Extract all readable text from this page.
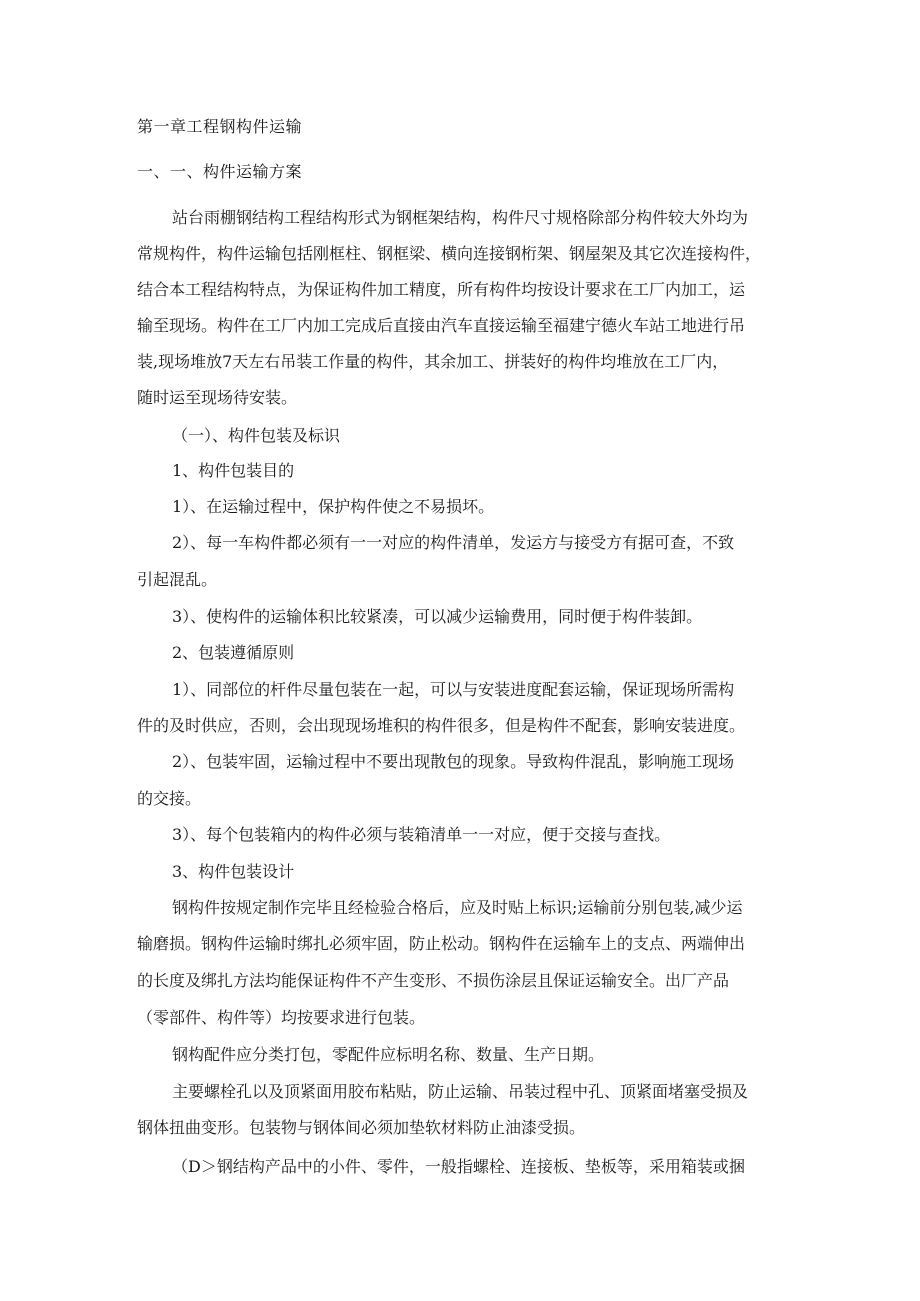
第一章工程钢构件运输
一、一、构件运输方案
站台雨棚钢结构工程结构形式为钢框架结构，构件尺寸规格除部分构件较大外均为
常规构件，构件运输包括刚框柱、钢框梁、横向连接钢桁架、钢屋架及其它次连接构件，
结合本工程结构特点，为保证构件加工精度，所有构件均按设计要求在工厂内加工，运
输至现场。构件在工厂内加工完成后直接由汽车直接运输至福建宁德火车站工地进行吊
装,现场堆放7天左右吊装工作量的构件，其余加工、拼装好的构件均堆放在工厂内，
随时运至现场待安装。
（一）、构件包装及标识
1、构件包装目的
1）、在运输过程中，保护构件使之不易损坏。
2）、每一车构件都必须有一一对应的构件清单，发运方与接受方有据可查，不致
引起混乱。
3）、使构件的运输体积比较紧凑，可以减少运输费用，同时便于构件装卸。
2、包装遵循原则
1）、同部位的杆件尽量包装在一起，可以与安装进度配套运输，保证现场所需构
件的及时供应，否则，会出现现场堆积的构件很多，但是构件不配套，影响安装进度。
2）、包装牢固，运输过程中不要出现散包的现象。导致构件混乱，影响施工现场
的交接。
3）、每个包装箱内的构件必须与装箱清单一一对应，便于交接与查找。
3、构件包装设计
钢构件按规定制作完毕且经检验合格后，应及时贴上标识;运输前分别包装,减少运
输磨损。钢构件运输时绑扎必须牢固，防止松动。钢构件在运输车上的支点、两端伸出
的长度及绑扎方法均能保证构件不产生变形、不损伤涂层且保证运输安全。出厂产品
（零部件、构件等）均按要求进行包装。
钢构配件应分类打包，零配件应标明名称、数量、生产日期。
主要螺栓孔以及顶紧面用胶布粘贴，防止运输、吊装过程中孔、顶紧面堵塞受损及
钢体扭曲变形。包装物与钢体间必须加垫软材料防止油漆受损。
（D＞钢结构产品中的小件、零件，一般指螺栓、连接板、垫板等，采用箱装或捆
